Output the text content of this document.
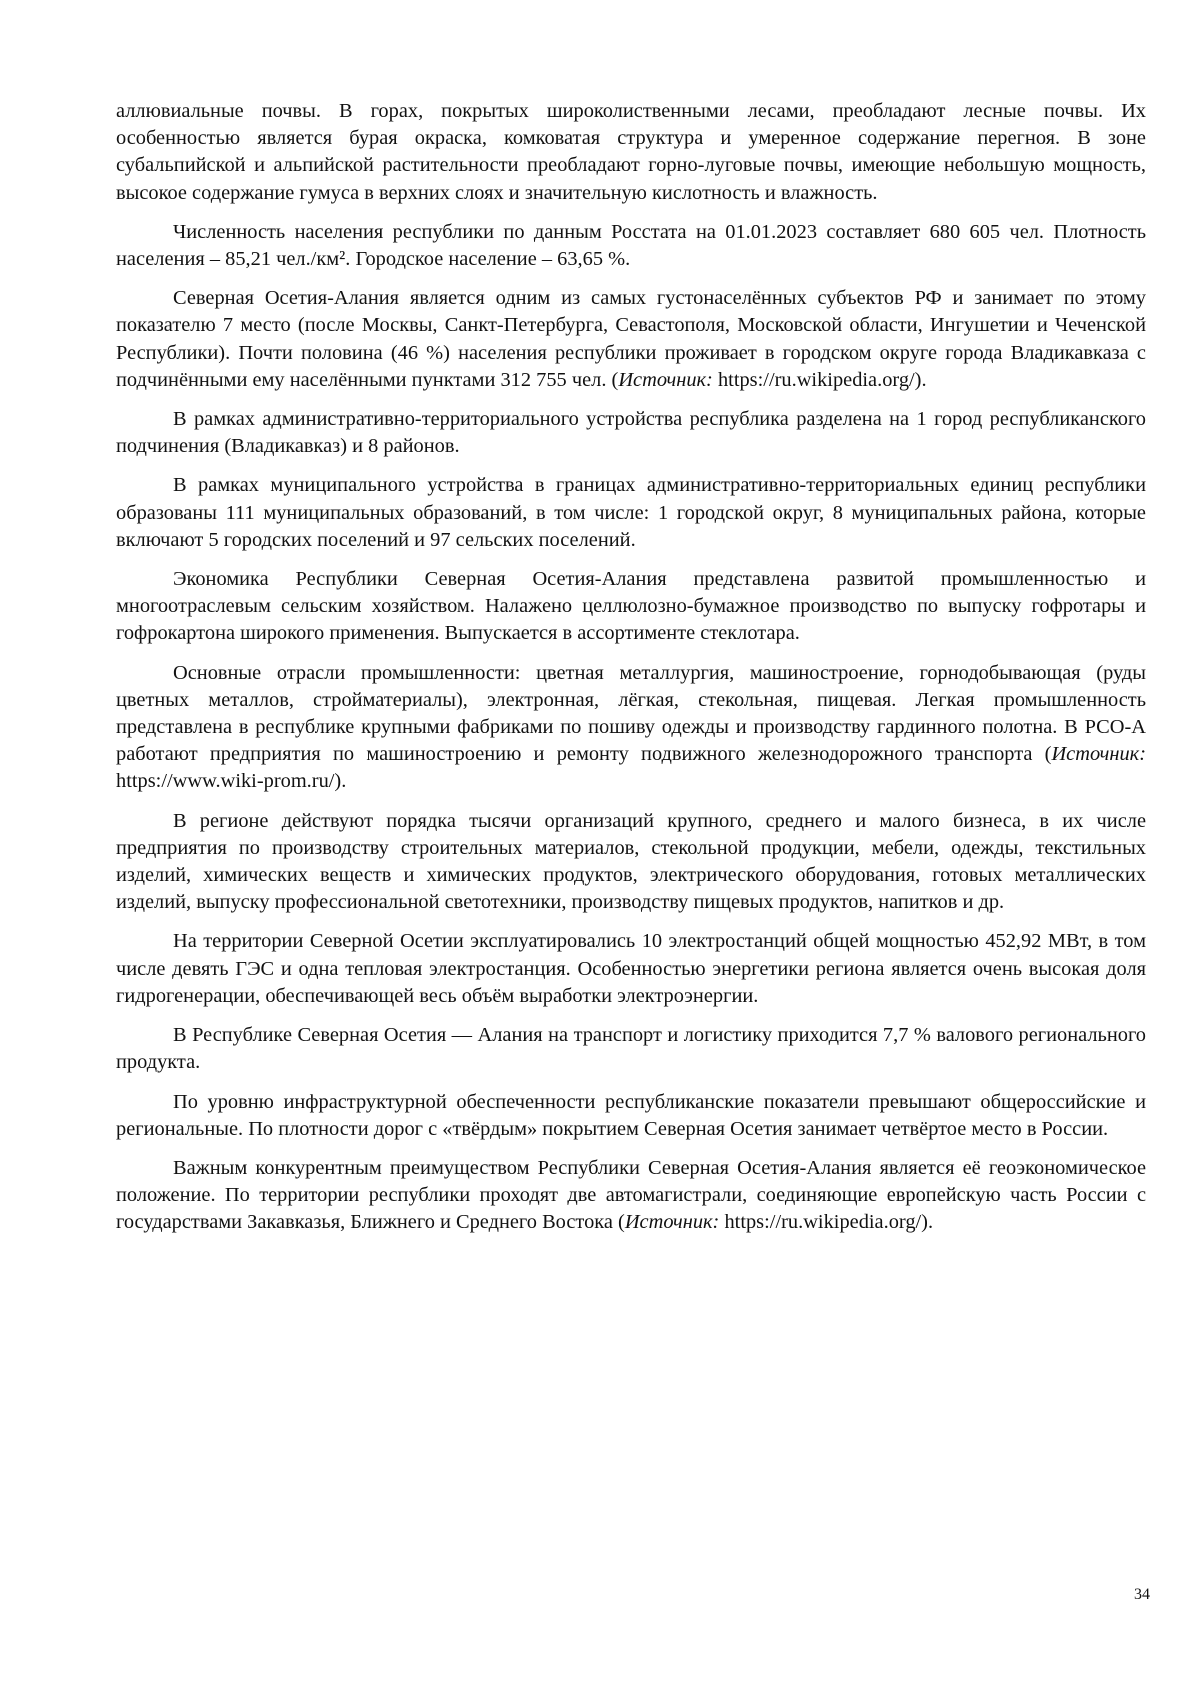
аллювиальные почвы. В горах, покрытых широколиственными лесами, преобладают лесные почвы. Их особенностью является бурая окраска, комковатая структура и умеренное содержание перегноя. В зоне субальпийской и альпийской растительности преобладают горно-луговые почвы, имеющие небольшую мощность, высокое содержание гумуса в верхних слоях и значительную кислотность и влажность.

Численность населения республики по данным Росстата на 01.01.2023 составляет 680 605 чел. Плотность населения – 85,21 чел./км². Городское население – 63,65 %.

Северная Осетия-Алания является одним из самых густонаселённых субъектов РФ и занимает по этому показателю 7 место (после Москвы, Санкт-Петербурга, Севастополя, Московской области, Ингушетии и Чеченской Республики). Почти половина (46 %) населения республики проживает в городском округе города Владикавказа с подчинёнными ему населёнными пунктами 312 755 чел. (Источник: https://ru.wikipedia.org/).

В рамках административно-территориального устройства республика разделена на 1 город республиканского подчинения (Владикавказ) и 8 районов.

В рамках муниципального устройства в границах административно-территориальных единиц республики образованы 111 муниципальных образований, в том числе: 1 городской округ, 8 муниципальных района, которые включают 5 городских поселений и 97 сельских поселений.

Экономика Республики Северная Осетия-Алания представлена развитой промышленностью и многоотраслевым сельским хозяйством. Налажено целлюлозно-бумажное производство по выпуску гофротары и гофрокартона широкого применения. Выпускается в ассортименте стеклотара.

Основные отрасли промышленности: цветная металлургия, машиностроение, горнодобывающая (руды цветных металлов, стройматериалы), электронная, лёгкая, стекольная, пищевая. Легкая промышленность представлена в республике крупными фабриками по пошиву одежды и производству гардинного полотна. В РСО-А работают предприятия по машиностроению и ремонту подвижного железнодорожного транспорта (Источник: https://www.wiki-prom.ru/).

В регионе действуют порядка тысячи организаций крупного, среднего и малого бизнеса, в их числе предприятия по производству строительных материалов, стекольной продукции, мебели, одежды, текстильных изделий, химических веществ и химических продуктов, электрического оборудования, готовых металлических изделий, выпуску профессиональной светотехники, производству пищевых продуктов, напитков и др.

На территории Северной Осетии эксплуатировались 10 электростанций общей мощностью 452,92 МВт, в том числе девять ГЭС и одна тепловая электростанция. Особенностью энергетики региона является очень высокая доля гидрогенерации, обеспечивающей весь объём выработки электроэнергии.

В Республике Северная Осетия — Алания на транспорт и логистику приходится 7,7 % валового регионального продукта.

По уровню инфраструктурной обеспеченности республиканские показатели превышают общероссийские и региональные. По плотности дорог с «твёрдым» покрытием Северная Осетия занимает четвёртое место в России.

Важным конкурентным преимуществом Республики Северная Осетия-Алания является её геоэкономическое положение. По территории республики проходят две автомагистрали, соединяющие европейскую часть России с государствами Закавказья, Ближнего и Среднего Востока (Источник: https://ru.wikipedia.org/).

34
